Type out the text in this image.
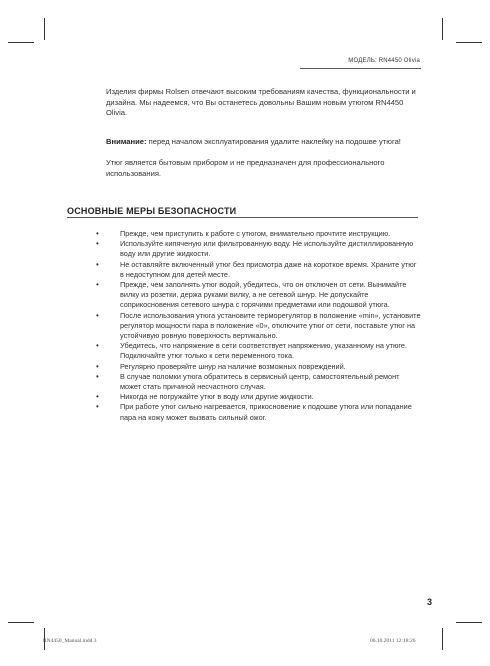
МОДЕЛЬ: RN4450 Olivia

Изделия фирмы Rolsen отвечают высоким требованиям качества, функциональности и дизайна. Мы надеемся, что Вы останетесь довольны Вашим новым утюгом RN4450 Olivia.

Внимание: перед началом эксплуатирования удалите наклейку на подошве утюга!

Утюг является бытовым прибором и не предназначен для профессионального использования.

ОСНОВНЫЕ МЕРЫ БЕЗОПАСНОСТИ
•	Прежде, чем приступить к работе с утюгом, внимательно прочтите инструкцию.
•	Используйте кипяченую или фильтрованную воду. Не используйте дистиллированную воду или другие жидкости.
•	Не оставляйте включенный утюг без присмотра даже на короткое время. Храните утюг в недоступном для детей месте.
•	Прежде, чем заполнять утюг водой, убедитесь, что он отключен от сети. Вынимайте вилку из розетки, держа руками вилку, а не сетевой шнур. Не допускайте соприкосновения сетевого шнура с горячими предметами или подошвой утюга.
•	После использования утюга установите терморегулятор в положение «min», установите регулятор мощности пара в положение «0», отключите утюг от сети, поставьте утюг на устойчивую ровную поверхность вертикально.
•	Убедитесь, что напряжение в сети соответствует напряжению, указанному на утюге. Подключайте утюг только к сети переменного тока.
•	Регулярно проверяйте шнур на наличие возможных повреждений.
•	В случае поломки утюга обратитесь в сервисный центр, самостоятельный ремонт может стать причиной несчастного случая.
•	Никогда не погружайте утюг в воду или другие жидкости.
•	При работе утюг сильно нагревается, прикосновение к подошве утюга или попадание пара на кожу может вызвать сильный ожог.
3
RN4450_Manual.indd 3	06.10.2011 12:18:26
